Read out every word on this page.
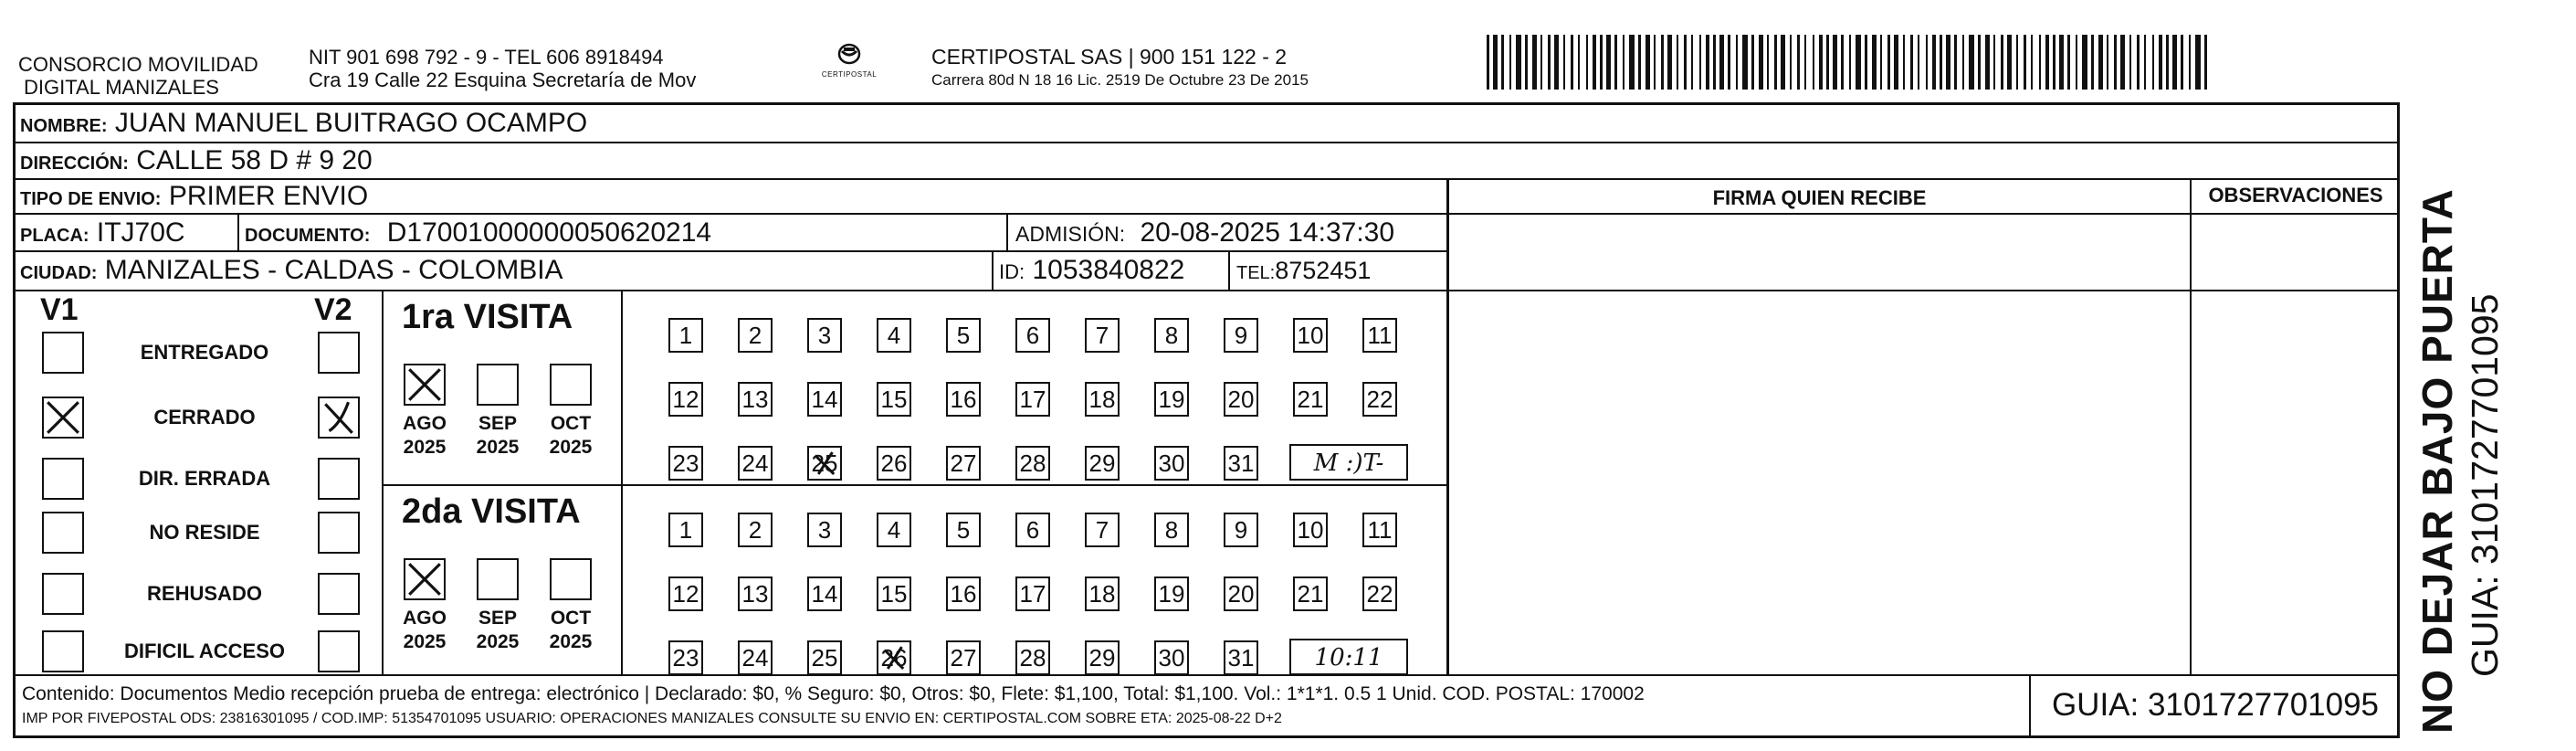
CONSORCIO MOVILIDAD
DIGITAL MANIZALES
NIT 901 698 792 - 9 - TEL 606 8918494
Cra 19 Calle 22 Esquina Secretaría de Mov	CERTIPOSTAL
CERTIPOSTAL SAS | 900 151 122 - 2
Carrera 80d N 18 16 Lic. 2519 De Octubre 23 De 2015
NOMBRE: JUAN MANUEL BUITRAGO OCAMPO
DIRECCIÓN: CALLE 58 D # 9 20
TIPO DE ENVIO: PRIMER ENVIO	FIRMA QUIEN RECIBE	OBSERVACIONES
PLACA: ITJ70C	DOCUMENTO: D17001000000050620214	ADMISIÓN: 20-08-2025 14:37:30
CIUDAD: MANIZALES - CALDAS - COLOMBIA	ID: 1053840822	TEL:8752451
V1	V2
ENTREGADO
CERRADO
DIR. ERRADA
NO RESIDE
REHUSADO
DIFICIL ACCESO
1ra VISITA
AGO
2025
SEP
2025
OCT
2025
1	2	3	4	5	6	7	8	9	10 11
12 13 14 15 16 17 18 19 20 21 22
23 24 25 26 27 28 29 30 31	M :)T-
2da VISITA
AGO
2025
SEP
2025
OCT
2025
1	2	3	4	5	6	7	8	9	10 11
12 13 14 15 16 17 18 19 20 21 22
23 24 25 26 27 28 29 30 31	10:11
Contenido: Documentos Medio recepción prueba de entrega: electrónico | Declarado: $0, % Seguro: $0, Otros: $0, Flete: $1,100, Total: $1,100. Vol.: 1*1*1. 0.5 1 Unid. COD. POSTAL: 170002
IMP POR FIVEPOSTAL ODS: 23816301095 / COD.IMP: 51354701095 USUARIO: OPERACIONES MANIZALES CONSULTE SU ENVIO EN: CERTIPOSTAL.COM SOBRE ETA: 2025-08-22 D+2	GUIA: 3101727701095 NO DEJAR BAJO PUERTA GUIA: 3101727701095
